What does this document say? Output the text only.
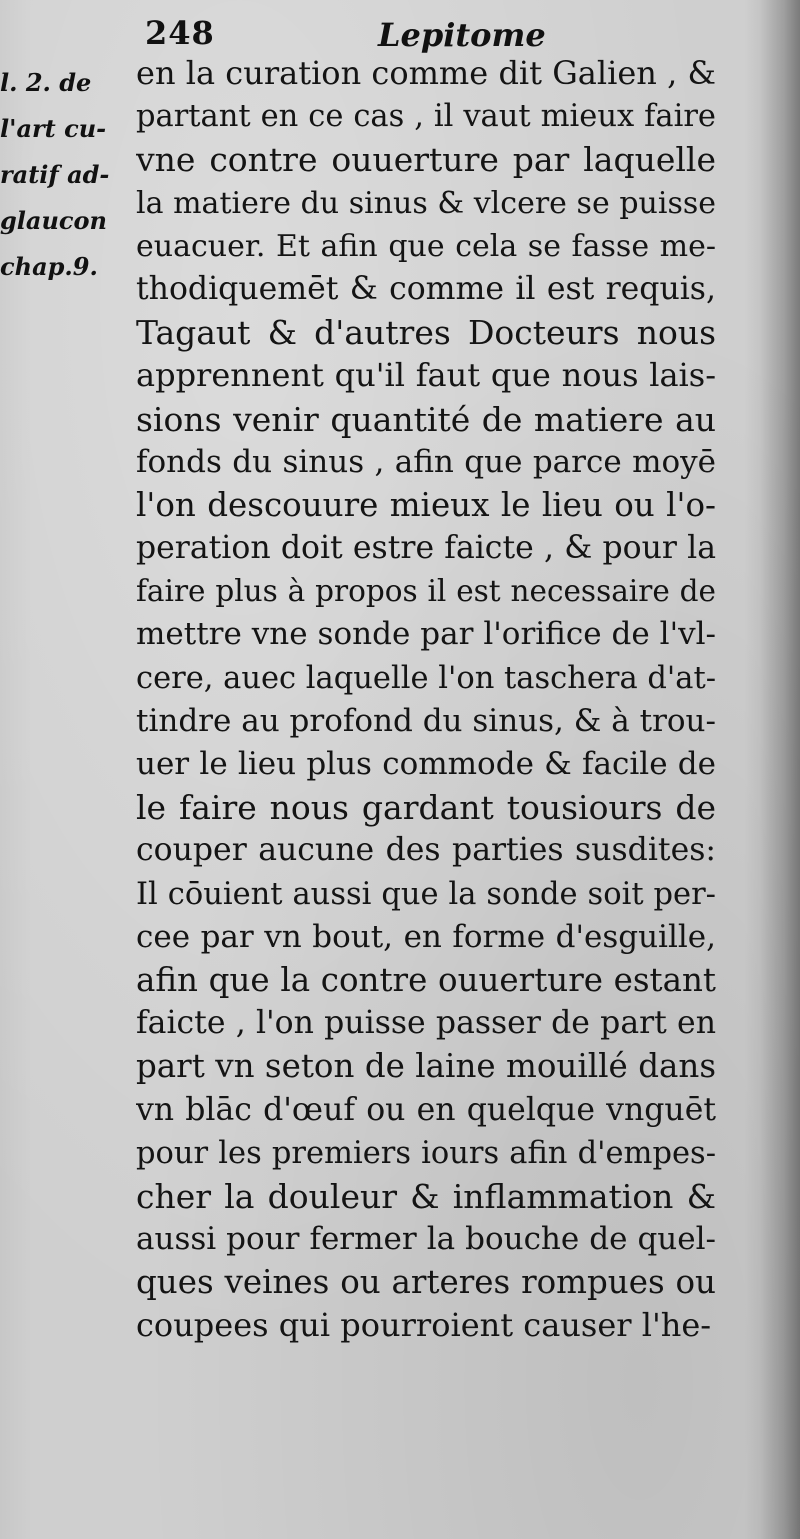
248	Lepitome
l. 2. de
l'art cu-
ratif ad-
glaucon
chap.9.
en la curation comme dit Galien , &
partant en ce cas , il vaut mieux faire
vne contre ouuerture par laquelle
la matiere du sinus & vlcere se puisse
euacuer. Et afin que cela se fasse me-
thodiquemēt & comme il est requis,
Tagaut & d'autres Docteurs nous
apprennent qu'il faut que nous lais-
sions venir quantité de matiere au
fonds du sinus , afin que parce moyē
l'on descouure mieux le lieu ou l'o-
peration doit estre faicte , & pour la
faire plus à propos il est necessaire de
mettre vne sonde par l'orifice de l'vl-
cere, auec laquelle l'on taschera d'at-
tindre au profond du sinus, & à trou-
uer le lieu plus commode & facile de
le faire nous gardant tousiours de
couper aucune des parties susdites:
Il cōuient aussi que la sonde soit per-
cee par vn bout, en forme d'esguille,
afin que la contre ouuerture estant
faicte , l'on puisse passer de part en
part vn seton de laine mouillé dans
vn blāc d'œuf ou en quelque vnguēt
pour les premiers iours afin d'empes-
cher la douleur & inflammation &
aussi pour fermer la bouche de quel-
ques veines ou arteres rompues ou
coupees qui pourroient causer l'he-
